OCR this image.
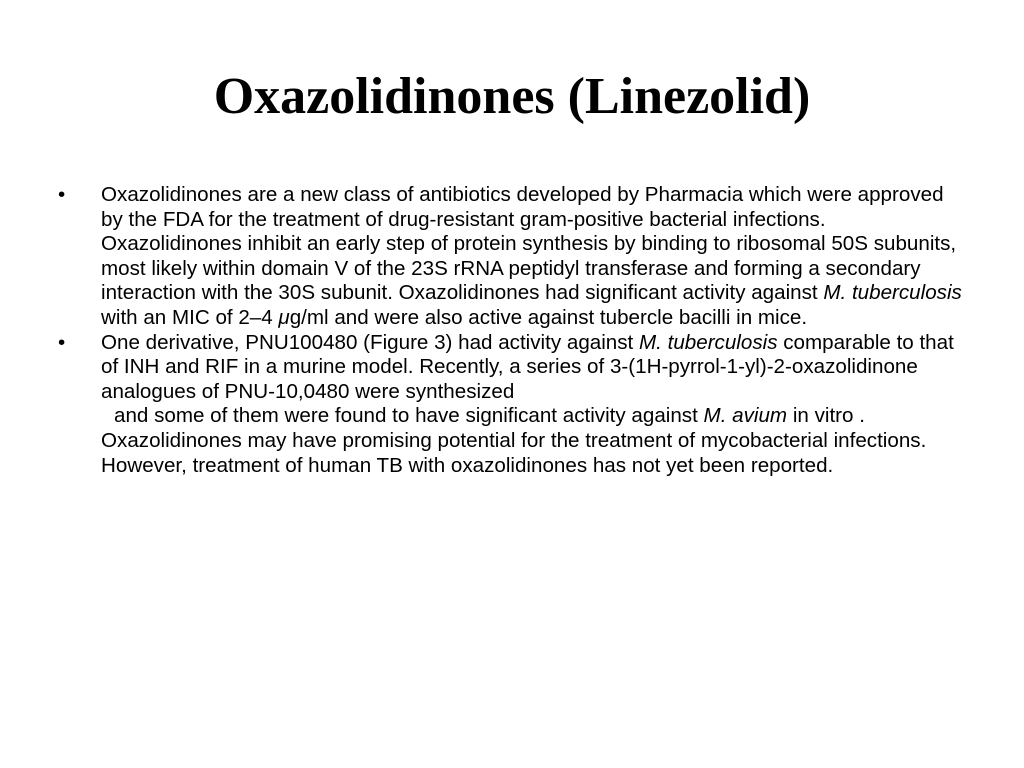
Oxazolidinones (Linezolid)
•	Oxazolidinones are a new class of antibiotics developed by Pharmacia which were approved by the FDA for the treatment of drug-resistant gram-positive bacterial infections. Oxazolidinones inhibit an early step of protein synthesis by binding to ribosomal 50S subunits, most likely within domain V of the 23S rRNA peptidyl transferase and forming a secondary interaction with the 30S subunit. Oxazolidinones had significant activity against M. tuberculosis with an MIC of 2–4 μg/ml and were also active against tubercle bacilli in mice.
•	One derivative, PNU100480 (Figure 3) had activity against M. tuberculosis comparable to that of INH and RIF in a murine model. Recently, a series of 3-(1H-pyrrol-1-yl)-2-oxazolidinone analogues of PNU-10,0480 were synthesized
and some of them were found to have significant activity against M. avium in vitro . Oxazolidinones may have promising potential for the treatment of mycobacterial infections. However, treatment of human TB with oxazolidinones has not yet been reported.
